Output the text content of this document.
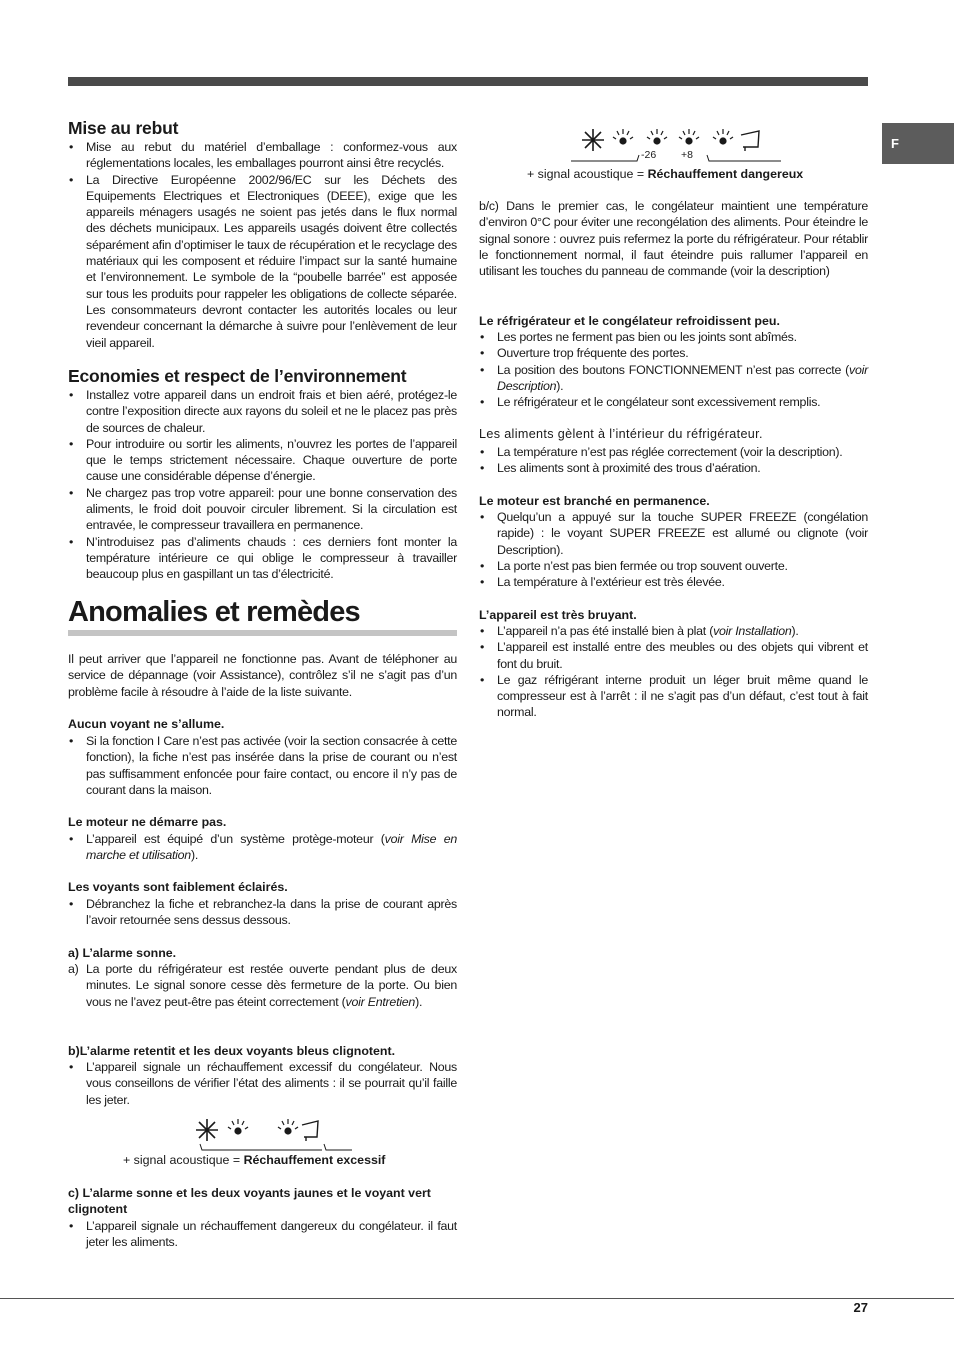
F
Mise au rebut
• Mise au rebut du matériel d’emballage : conformez-vous aux réglementations locales, les emballages pourront ainsi être recyclés.
• La Directive Européenne 2002/96/EC sur les Déchets des Equipements Electriques et Electroniques (DEEE), exige que les appareils ménagers usagés ne soient pas jetés dans le flux normal des déchets municipaux. Les appareils usagés doivent être collectés séparément afin d’optimiser le taux de récupération et le recyclage des matériaux qui les composent et réduire l’impact sur la santé humaine et l’environnement. Le symbole de la “poubelle barrée” est apposée sur tous les produits pour rappeler les obligations de collecte séparée. Les consommateurs devront contacter les autorités locales ou leur revendeur concernant la démarche à suivre pour l’enlèvement de leur vieil appareil.
Economies et respect de l’environnement
• Installez votre appareil dans un endroit frais et bien aéré, protégez-le contre l’exposition directe aux rayons du soleil et ne le placez pas près de sources de chaleur.
• Pour introduire ou sortir les aliments, n’ouvrez les portes de l’appareil que le temps strictement nécessaire. Chaque ouverture de porte cause une considérable dépense d’énergie.
• Ne chargez pas trop votre appareil: pour une bonne conservation des aliments, le froid doit pouvoir circuler librement. Si la circulation est entravée, le compresseur travaillera en permanence.
• N’introduisez pas d’aliments chauds : ces derniers font monter la température intérieure ce qui oblige le compresseur à travailler beaucoup plus en gaspillant un tas d’électricité.
Anomalies et remèdes
Il peut arriver que l’appareil ne fonctionne pas. Avant de téléphoner au service de dépannage (voir Assistance), contrôlez s’il ne s’agit pas d’un problème facile à résoudre à l’aide de la liste suivante.
Aucun voyant ne s’allume.
• Si la fonction I Care n’est pas activée (voir la section consacrée à cette fonction), la fiche n’est pas insérée dans la prise de courant ou n’est pas suffisamment enfoncée pour faire contact, ou encore il n’y pas de courant dans la maison.
Le moteur ne démarre pas.
• L’appareil est équipé d’un système protège-moteur (voir Mise en marche et utilisation).
Les voyants sont faiblement éclairés.
• Débranchez la fiche et rebranchez-la dans la prise de courant après l’avoir retournée sens dessus dessous.
a) L’alarme sonne.
a) La porte du réfrigérateur est restée ouverte pendant plus de deux minutes. Le signal sonore cesse dès fermeture de la porte. Ou bien vous ne l’avez peut-être pas éteint correctement (voir Entretien).
b)L’alarme retentit et les deux voyants bleus clignotent.
• L’appareil signale un réchauffement excessif du congélateur. Nous vous conseillons de vérifier l’état des aliments : il se pourrait qu’il faille les jeter.
+ signal acoustique = Réchauffement excessif
c) L’alarme sonne et les deux voyants jaunes et le voyant vert clignotent
• L’appareil signale un réchauffement dangereux du congélateur. il faut jeter les aliments.
-26 +8
+ signal acoustique = Réchauffement dangereux
b/c) Dans le premier cas, le congélateur maintient une température d’environ 0°C pour éviter une recongélation des aliments. Pour éteindre le signal sonore : ouvrez puis refermez la porte du réfrigérateur. Pour rétablir le fonctionnement normal, il faut éteindre puis rallumer l’appareil en utilisant les touches du panneau de commande (voir la description)
Le réfrigérateur et le congélateur refroidissent peu.
• Les portes ne ferment pas bien ou les joints sont abîmés.
• Ouverture trop fréquente des portes.
• La position des boutons FONCTIONNEMENT n’est pas correcte (voir Description).
• Le réfrigérateur et le congélateur sont excessivement remplis.
Les aliments gèlent à l’intérieur du réfrigérateur.
• La température n’est pas réglée correctement (voir la description).
• Les aliments sont à proximité des trous d’aération.
Le moteur est branché en permanence.
• Quelqu’un a appuyé sur la touche SUPER FREEZE (congélation rapide) : le voyant SUPER FREEZE est allumé ou clignote (voir Description).
• La porte n’est pas bien fermée ou trop souvent ouverte.
• La température à l’extérieur est très élevée.
L’appareil est très bruyant.
• L’appareil n’a pas été installé bien à plat (voir Installation).
• L’appareil est installé entre des meubles ou des objets qui vibrent et font du bruit.
• Le gaz réfrigérant interne produit un léger bruit même quand le compresseur est à l’arrêt : il ne s’agit pas d’un défaut, c’est tout à fait normal.
27
